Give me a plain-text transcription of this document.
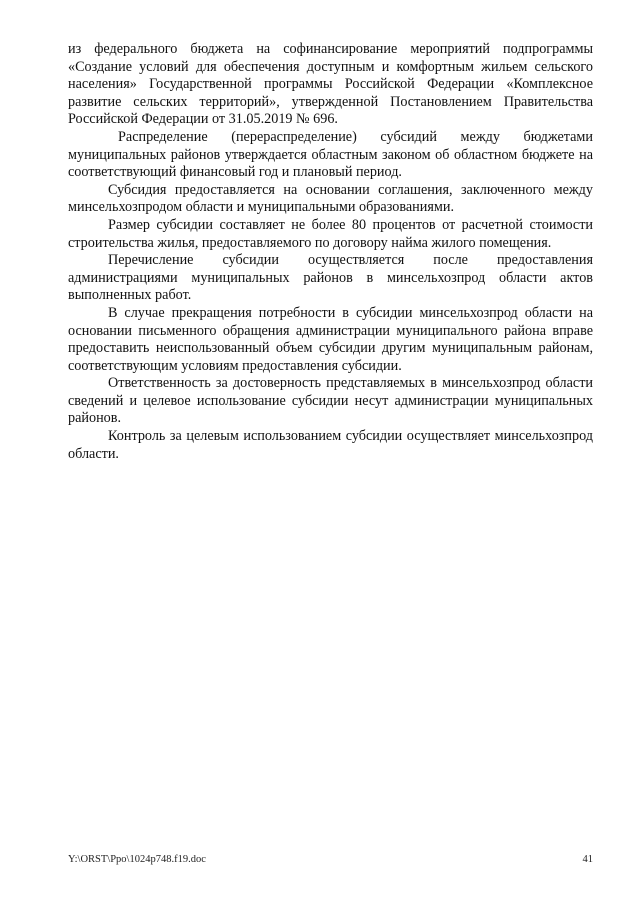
из федерального бюджета на софинансирование мероприятий подпрограммы «Создание условий для обеспечения доступным и комфортным жильем сельского населения» Государственной программы Российской Федерации «Комплексное развитие сельских территорий», утвержденной Постановлением Правительства Российской Федерации от 31.05.2019 № 696.

Распределение (перераспределение) субсидий между бюджетами муниципальных районов утверждается областным законом об областном бюджете на соответствующий финансовый год и плановый период.

Субсидия предоставляется на основании соглашения, заключенного между минсельхозпродом области и муниципальными образованиями.

Размер субсидии составляет не более 80 процентов от расчетной стоимости строительства жилья, предоставляемого по договору найма жилого помещения.

Перечисление субсидии осуществляется после предоставления администрациями муниципальных районов в минсельхозпрод области актов выполненных работ.

В случае прекращения потребности в субсидии минсельхозпрод области на основании письменного обращения администрации муниципального района вправе предоставить неиспользованный объем субсидии другим муниципальным районам, соответствующим условиям предоставления субсидии.

Ответственность за достоверность представляемых в минсельхозпрод области сведений и целевое использование субсидии несут администрации муниципальных районов.

Контроль за целевым использованием субсидии осуществляет минсельхозпрод области.

Y:\ORST\Ppo\1024p748.f19.doc	41
